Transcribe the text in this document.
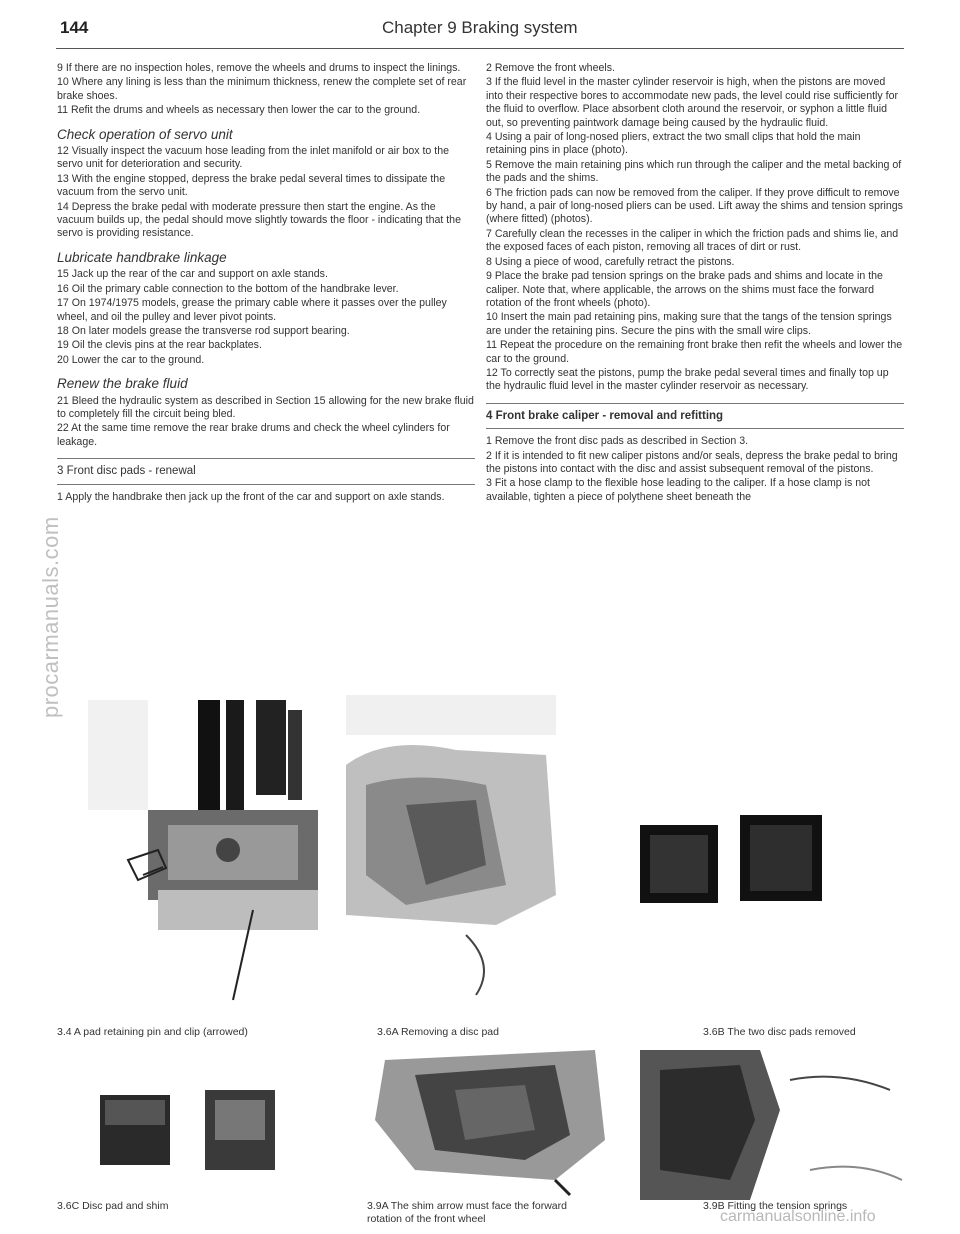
144	Chapter 9 Braking system

9 If there are no inspection holes, remove the wheels and drums to inspect the linings.

10 Where any lining is less than the minimum thickness, renew the complete set of rear brake shoes.

11 Refit the drums and wheels as necessary then lower the car to the ground.

Check operation of servo unit

12 Visually inspect the vacuum hose leading from the inlet manifold or air box to the servo unit for deterioration and security.

13 With the engine stopped, depress the brake pedal several times to dissipate the vacuum from the servo unit.

14 Depress the brake pedal with moderate pressure then start the engine. As the vacuum builds up, the pedal should move slightly towards the floor - indicating that the servo is providing resistance.

Lubricate handbrake linkage

15 Jack up the rear of the car and support on axle stands.

16 Oil the primary cable connection to the bottom of the handbrake lever.

17 On 1974/1975 models, grease the primary cable where it passes over the pulley wheel, and oil the pulley and lever pivot points.

18 On later models grease the transverse rod support bearing.

19 Oil the clevis pins at the rear backplates.

20 Lower the car to the ground.

Renew the brake fluid

21 Bleed the hydraulic system as described in Section 15 allowing for the new brake fluid to completely fill the circuit being bled.

22 At the same time remove the rear brake drums and check the wheel cylinders for leakage.

3 Front disc pads - renewal

1 Apply the handbrake then jack up the front of the car and support on axle stands.

2 Remove the front wheels.

3 If the fluid level in the master cylinder reservoir is high, when the pistons are moved into their respective bores to accommodate new pads, the level could rise sufficiently for the fluid to overflow. Place absorbent cloth around the reservoir, or syphon a little fluid out, so preventing paintwork damage being caused by the hydraulic fluid.

4 Using a pair of long-nosed pliers, extract the two small clips that hold the main retaining pins in place (photo).

5 Remove the main retaining pins which run through the caliper and the metal backing of the pads and the shims.

6 The friction pads can now be removed from the caliper. If they prove difficult to remove by hand, a pair of long-nosed pliers can be used. Lift away the shims and tension springs (where fitted) (photos).

7 Carefully clean the recesses in the caliper in which the friction pads and shims lie, and the exposed faces of each piston, removing all traces of dirt or rust.

8 Using a piece of wood, carefully retract the pistons.

9 Place the brake pad tension springs on the brake pads and shims and locate in the caliper. Note that, where applicable, the arrows on the shims must face the forward rotation of the front wheels (photo).

10 Insert the main pad retaining pins, making sure that the tangs of the tension springs are under the retaining pins. Secure the pins with the small wire clips.

11 Repeat the procedure on the remaining front brake then refit the wheels and lower the car to the ground.

12 To correctly seat the pistons, pump the brake pedal several times and finally top up the hydraulic fluid level in the master cylinder reservoir as necessary.

4 Front brake caliper - removal and refitting

1 Remove the front disc pads as described in Section 3.

2 If it is intended to fit new caliper pistons and/or seals, depress the brake pedal to bring the pistons into contact with the disc and assist subsequent removal of the pistons.

3 Fit a hose clamp to the flexible hose leading to the caliper. If a hose clamp is not available, tighten a piece of polythene sheet beneath the

3.4 A pad retaining pin and clip (arrowed)	3.6A Removing a disc pad	3.6B The two disc pads removed
3.6C Disc pad and shim	3.9A The shim arrow must face the forward
rotation of the front wheel
3.9B Fitting the tension springs
procarmanuals.com
carmanualsonline.info
